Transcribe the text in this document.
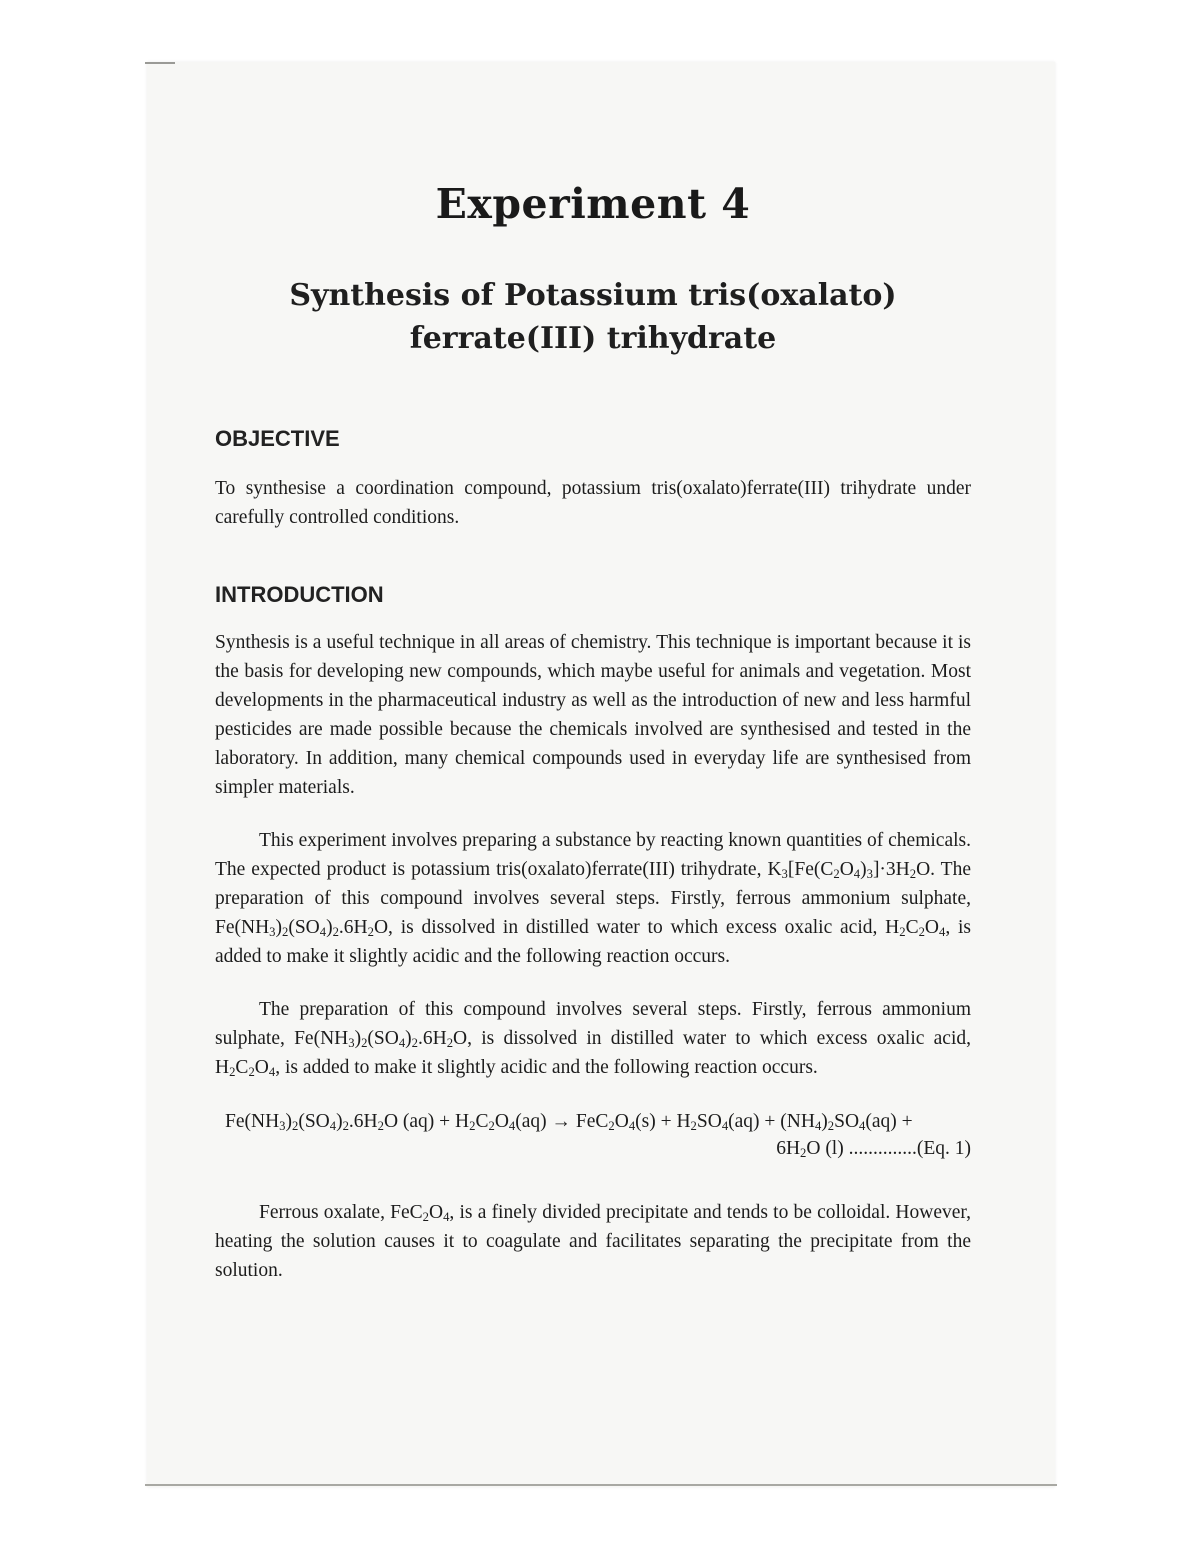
Experiment 4
Synthesis of Potassium tris(oxalato)
ferrate(III) trihydrate
OBJECTIVE

To synthesise a coordination compound, potassium tris(oxalato)ferrate(III) trihydrate under carefully controlled conditions.

INTRODUCTION

Synthesis is a useful technique in all areas of chemistry. This technique is important because it is the basis for developing new compounds, which maybe useful for animals and vegetation. Most developments in the pharmaceutical industry as well as the introduction of new and less harmful pesticides are made possible because the chemicals involved are synthesised and tested in the laboratory. In addition, many chemical compounds used in everyday life are synthesised from simpler materials.

This experiment involves preparing a substance by reacting known quantities of chemicals. The expected product is potassium tris(oxalato)ferrate(III) trihydrate, $K_3[Fe(C_2O_4)_3]\cdot 3H_2O$. The preparation of this compound involves several steps. Firstly, ferrous ammonium sulphate, $Fe(NH_3)_2(SO_4)_2.6H_2O$, is dissolved in distilled water to which excess oxalic acid, $H_2C_2O_4$, is added to make it slightly acidic and the following reaction occurs.

The preparation of this compound involves several steps. Firstly, ferrous ammonium sulphate, $Fe(NH_3)_2(SO_4)_2.6H_2O$, is dissolved in distilled water to which excess oxalic acid, $H_2C_2O_4$, is added to make it slightly acidic and the following reaction occurs.

$Fe(NH_3)_2(SO_4)_2.6H_2O$ $(aq) + H_2C_2O_4(aq) \to FeC_2O_4(s) + H_2SO_4(aq) + (NH_4)_2SO_4(aq)$ +

$6H_2O$ (l) ..............(Eq. 1)

Ferrous oxalate, $FeC_2O_4$, is a finely divided precipitate and tends to be colloidal. However, heating the solution causes it to coagulate and facilitates separating the precipitate from the solution.
